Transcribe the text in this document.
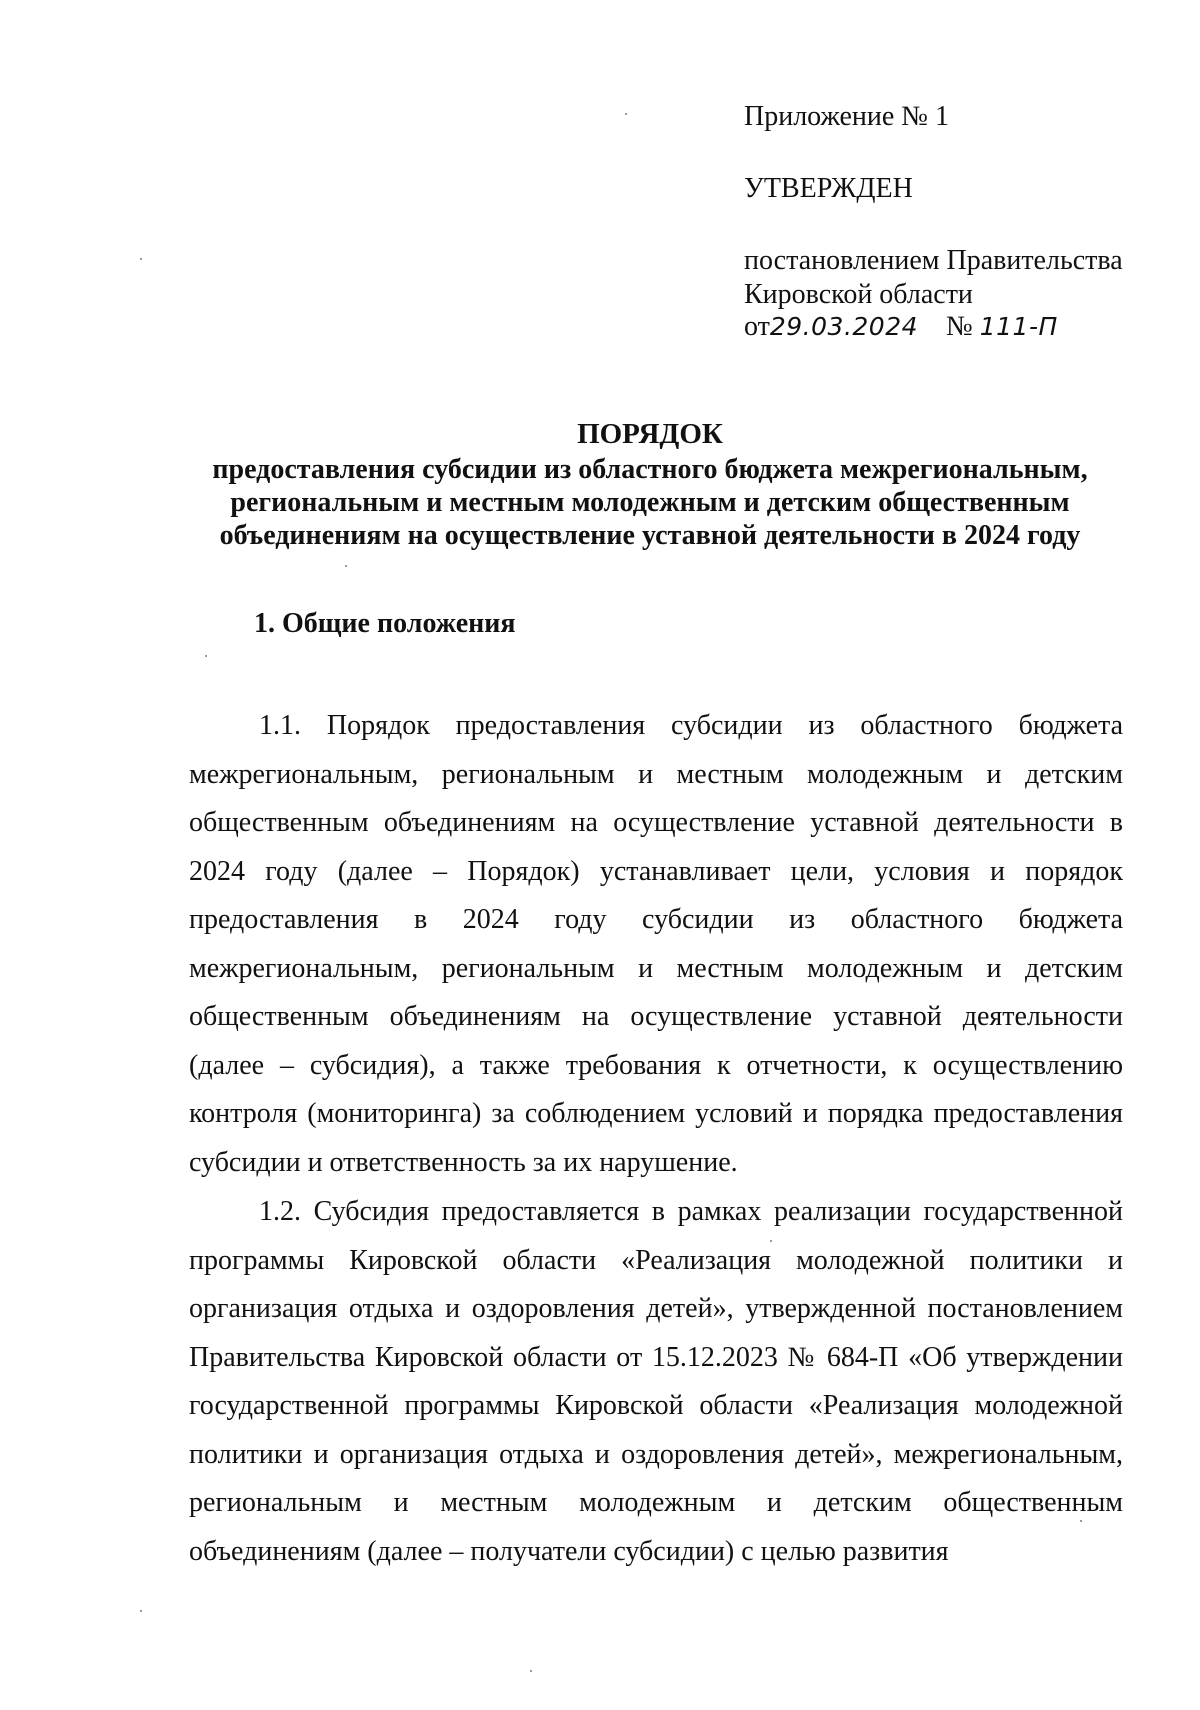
Приложение № 1
УТВЕРЖДЕН
постановлением Правительства
Кировской области
от29.03.2024 № 111-П
ПОРЯДОК
предоставления субсидии из областного бюджета межрегиональным,
региональным и местным молодежным и детским общественным
объединениям на осуществление уставной деятельности в 2024 году
1. Общие положения

1.1. Порядок предоставления субсидии из областного бюджета межрегиональным, региональным и местным молодежным и детским общественным объединениям на осуществление уставной деятельности в 2024 году (далее – Порядок) устанавливает цели, условия и порядок предоставления в 2024 году субсидии из областного бюджета межрегиональным, региональным и местным молодежным и детским общественным объединениям на осуществление уставной деятельности (далее – субсидия), а также требования к отчетности, к осуществлению контроля (мониторинга) за соблюдением условий и порядка предоставления субсидии и ответственность за их нарушение.

1.2. Субсидия предоставляется в рамках реализации государственной программы Кировской области «Реализация молодежной политики и организация отдыха и оздоровления детей», утвержденной постановлением Правительства Кировской области от 15.12.2023 № 684-П «Об утверждении государственной программы Кировской области «Реализация молодежной политики и организация отдыха и оздоровления детей», межрегиональным, региональным и местным молодежным и детским общественным объединениям (далее – получатели субсидии) с целью развития
